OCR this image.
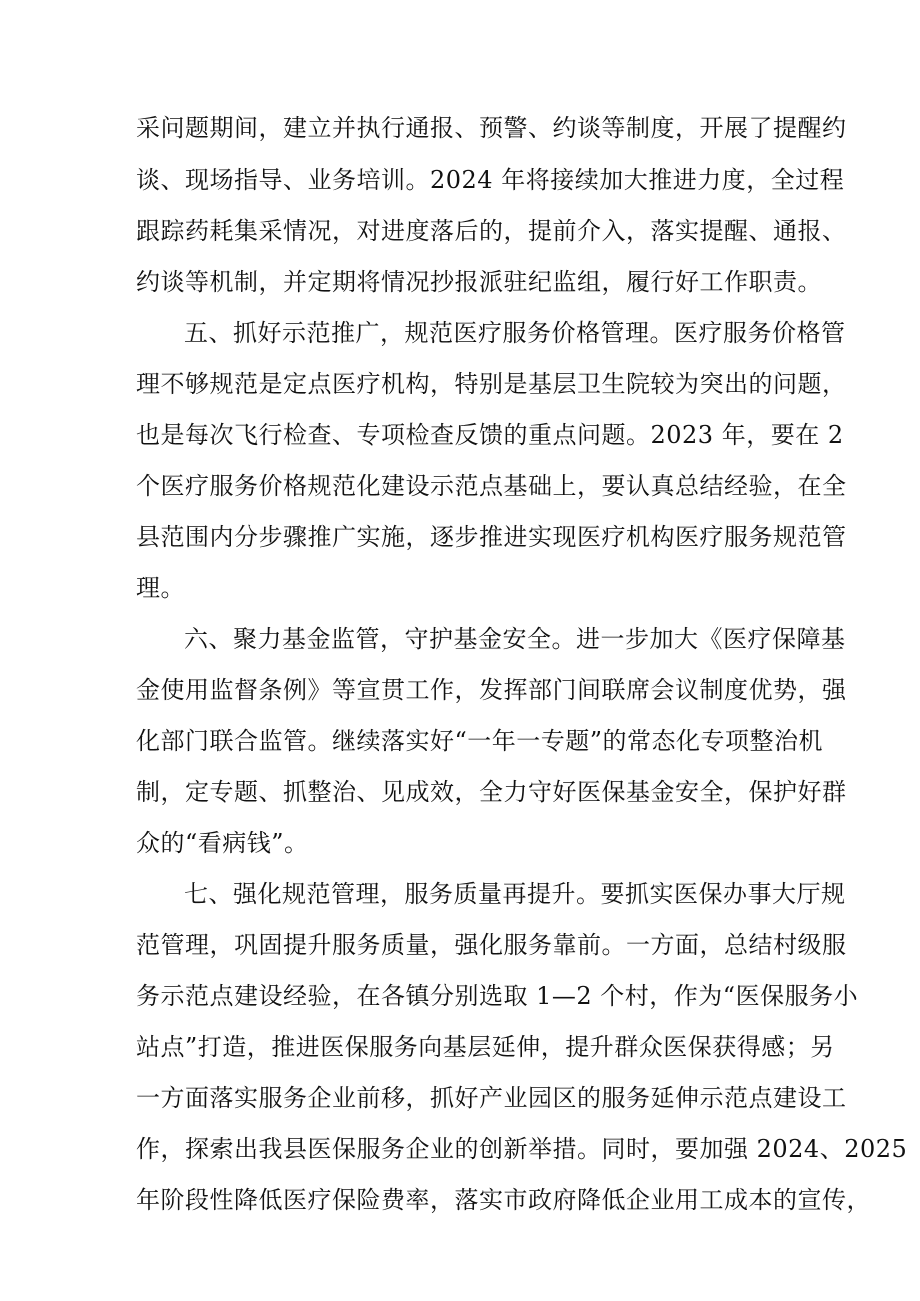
采问题期间，建立并执行通报、预警、约谈等制度，开展了提醒约
谈、现场指导、业务培训。2024 年将接续加大推进力度，全过程
跟踪药耗集采情况，对进度落后的，提前介入，落实提醒、通报、
约谈等机制，并定期将情况抄报派驻纪监组，履行好工作职责。
五、抓好示范推广，规范医疗服务价格管理。医疗服务价格管
理不够规范是定点医疗机构，特别是基层卫生院较为突出的问题，
也是每次飞行检查、专项检查反馈的重点问题。2023 年，要在 2
个医疗服务价格规范化建设示范点基础上，要认真总结经验，在全
县范围内分步骤推广实施，逐步推进实现医疗机构医疗服务规范管
理。
六、聚力基金监管，守护基金安全。进一步加大《医疗保障基
金使用监督条例》等宣贯工作，发挥部门间联席会议制度优势，强
化部门联合监管。继续落实好“一年一专题”的常态化专项整治机
制，定专题、抓整治、见成效，全力守好医保基金安全，保护好群
众的“看病钱”。
七、强化规范管理，服务质量再提升。要抓实医保办事大厅规
范管理，巩固提升服务质量，强化服务靠前。一方面，总结村级服
务示范点建设经验，在各镇分别选取 1—2 个村，作为“医保服务小
站点”打造，推进医保服务向基层延伸，提升群众医保获得感；另
一方面落实服务企业前移，抓好产业园区的服务延伸示范点建设工
作，探索出我县医保服务企业的创新举措。同时，要加强 2024、2025
年阶段性降低医疗保险费率，落实市政府降低企业用工成本的宣传，
